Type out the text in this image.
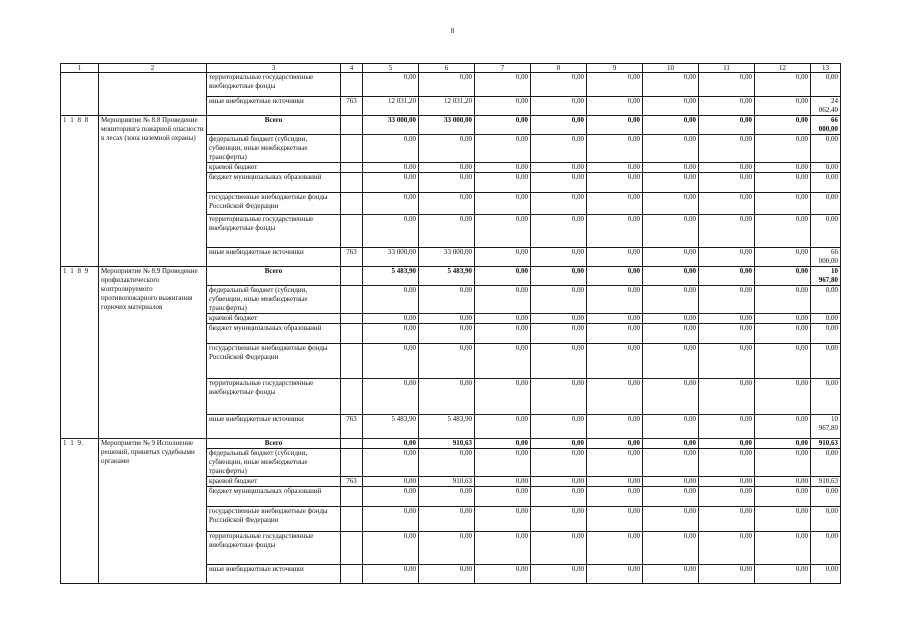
8
1	2	3	4	5	6	7	8	9	10	11	12	13
		территориальные государственные внебюджетные фонды		0,00	0,00	0,00	0,00	0,00	0,00	0,00	0,00	0,00
		иные внебюджетные источники	763	12 031,20	12 031,20	0,00	0,00	0,00	0,00	0,00	0,00	24 062,40
1 1 8 8	Мероприятие № 8.8 Проведение мониторинга пожарной опасности в лесах (зона наземной охраны)	Всего		33 000,00	33 000,00	0,00	0,00	0,00	0,00	0,00	0,00	66 000,00
		федеральный бюджет (субсидии, субвенции, иные межбюджетные трансферты)		0,00	0,00	0,00	0,00	0,00	0,00	0,00	0,00	0,00
		краевой бюджет		0,00	0,00	0,00	0,00	0,00	0,00	0,00	0,00	0,00
		бюджет муниципальных образований		0,00	0,00	0,00	0,00	0,00	0,00	0,00	0,00	0,00
		государственные внебюджетные фонды Российской Федерации		0,00	0,00	0,00	0,00	0,00	0,00	0,00	0,00	0,00
		территориальные государственные внебюджетные фонды		0,00	0,00	0,00	0,00	0,00	0,00	0,00	0,00	0,00
		иные внебюджетные источники	763	33 000,00	33 000,00	0,00	0,00	0,00	0,00	0,00	0,00	66 000,00
1 1 8 9	Мероприятие № 8.9 Проведение профилактического контролируемого противопожарного выжигания горючих материалов	Всего		5 483,90	5 483,90	0,00	0,00	0,00	0,00	0,00	0,00	10 967,80
		федеральный бюджет (субсидии, субвенции, иные межбюджетные трансферты)		0,00	0,00	0,00	0,00	0,00	0,00	0,00	0,00	0,00
		краевой бюджет		0,00	0,00	0,00	0,00	0,00	0,00	0,00	0,00	0,00
		бюджет муниципальных образований		0,00	0,00	0,00	0,00	0,00	0,00	0,00	0,00	0,00
		государственные внебюджетные фонды Российской Федерации		0,00	0,00	0,00	0,00	0,00	0,00	0,00	0,00	0,00
		территориальные государственные внебюджетные фонды		0,00	0,00	0,00	0,00	0,00	0,00	0,00	0,00	0,00
		иные внебюджетные источники	763	5 483,90	5 483,90	0,00	0,00	0,00	0,00	0,00	0,00	10 967,80
1 1 9.	Мероприятие № 9 Исполнение решений, принятых судебными органами	Всего		0,00	910,63	0,00	0,00	0,00	0,00	0,00	0,00	910,63
		федеральный бюджет (субсидии, субвенции, иные межбюджетные трансферты)		0,00	0,00	0,00	0,00	0,00	0,00	0,00	0,00	0,00
		краевой бюджет	763	0,00	910,63	0,00	0,00	0,00	0,00	0,00	0,00	910,63
		бюджет муниципальных образований		0,00	0,00	0,00	0,00	0,00	0,00	0,00	0,00	0,00
		государственные внебюджетные фонды Российской Федерации		0,00	0,00	0,00	0,00	0,00	0,00	0,00	0,00	0,00
		территориальные государственные внебюджетные фонды		0,00	0,00	0,00	0,00	0,00	0,00	0,00	0,00	0,00
		иные внебюджетные источники		0,00	0,00	0,00	0,00	0,00	0,00	0,00	0,00	0,00
